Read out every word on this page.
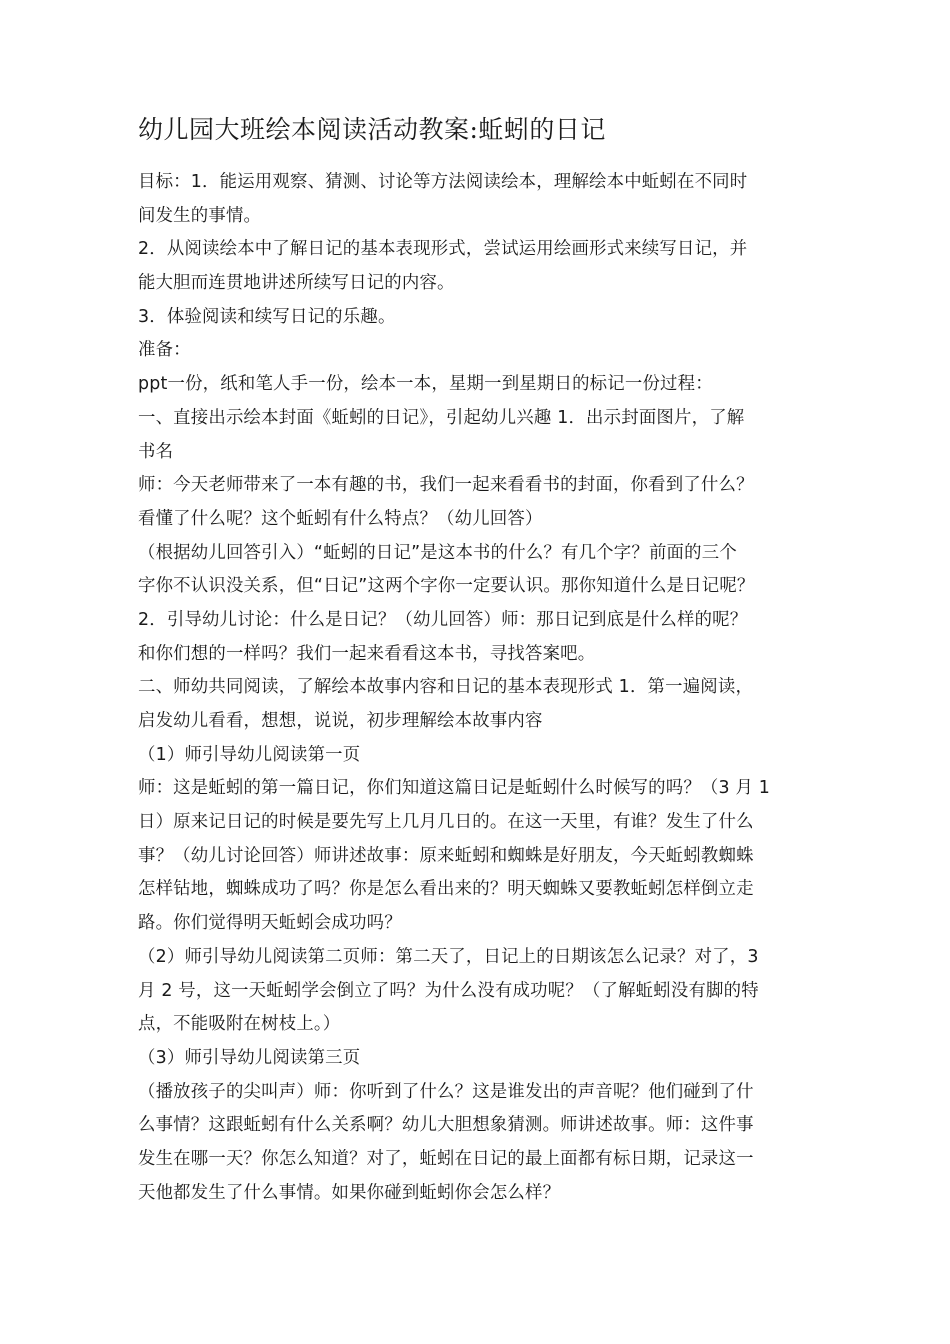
幼儿园大班绘本阅读活动教案:蚯蚓的日记
目标：1．能运用观察、猜测、讨论等方法阅读绘本，理解绘本中蚯蚓在不同时
间发生的事情。
2．从阅读绘本中了解日记的基本表现形式，尝试运用绘画形式来续写日记，并
能大胆而连贯地讲述所续写日记的内容。
3．体验阅读和续写日记的乐趣。
准备：
ppt一份，纸和笔人手一份，绘本一本，星期一到星期日的标记一份过程：
一、直接出示绘本封面《蚯蚓的日记》，引起幼儿兴趣 1．出示封面图片，了解
书名
师：今天老师带来了一本有趣的书，我们一起来看看书的封面，你看到了什么？
看懂了什么呢？这个蚯蚓有什么特点？（幼儿回答）
（根据幼儿回答引入）“蚯蚓的日记”是这本书的什么？有几个字？前面的三个
字你不认识没关系，但“日记”这两个字你一定要认识。那你知道什么是日记呢？
2．引导幼儿讨论：什么是日记？（幼儿回答）师：那日记到底是什么样的呢？
和你们想的一样吗？我们一起来看看这本书，寻找答案吧。
二、师幼共同阅读，了解绘本故事内容和日记的基本表现形式 1．第一遍阅读，
启发幼儿看看，想想，说说，初步理解绘本故事内容
（1）师引导幼儿阅读第一页
师：这是蚯蚓的第一篇日记，你们知道这篇日记是蚯蚓什么时候写的吗？（3 月 1
日）原来记日记的时候是要先写上几月几日的。在这一天里，有谁？发生了什么
事？（幼儿讨论回答）师讲述故事：原来蚯蚓和蜘蛛是好朋友，今天蚯蚓教蜘蛛
怎样钻地，蜘蛛成功了吗？你是怎么看出来的？明天蜘蛛又要教蚯蚓怎样倒立走
路。你们觉得明天蚯蚓会成功吗？
（2）师引导幼儿阅读第二页师：第二天了，日记上的日期该怎么记录？对了，3
月 2 号，这一天蚯蚓学会倒立了吗？为什么没有成功呢？（了解蚯蚓没有脚的特
点，不能吸附在树枝上。）
（3）师引导幼儿阅读第三页
（播放孩子的尖叫声）师：你听到了什么？这是谁发出的声音呢？他们碰到了什
么事情？这跟蚯蚓有什么关系啊？幼儿大胆想象猜测。师讲述故事。师：这件事
发生在哪一天？你怎么知道？对了，蚯蚓在日记的最上面都有标日期，记录这一
天他都发生了什么事情。如果你碰到蚯蚓你会怎么样？
